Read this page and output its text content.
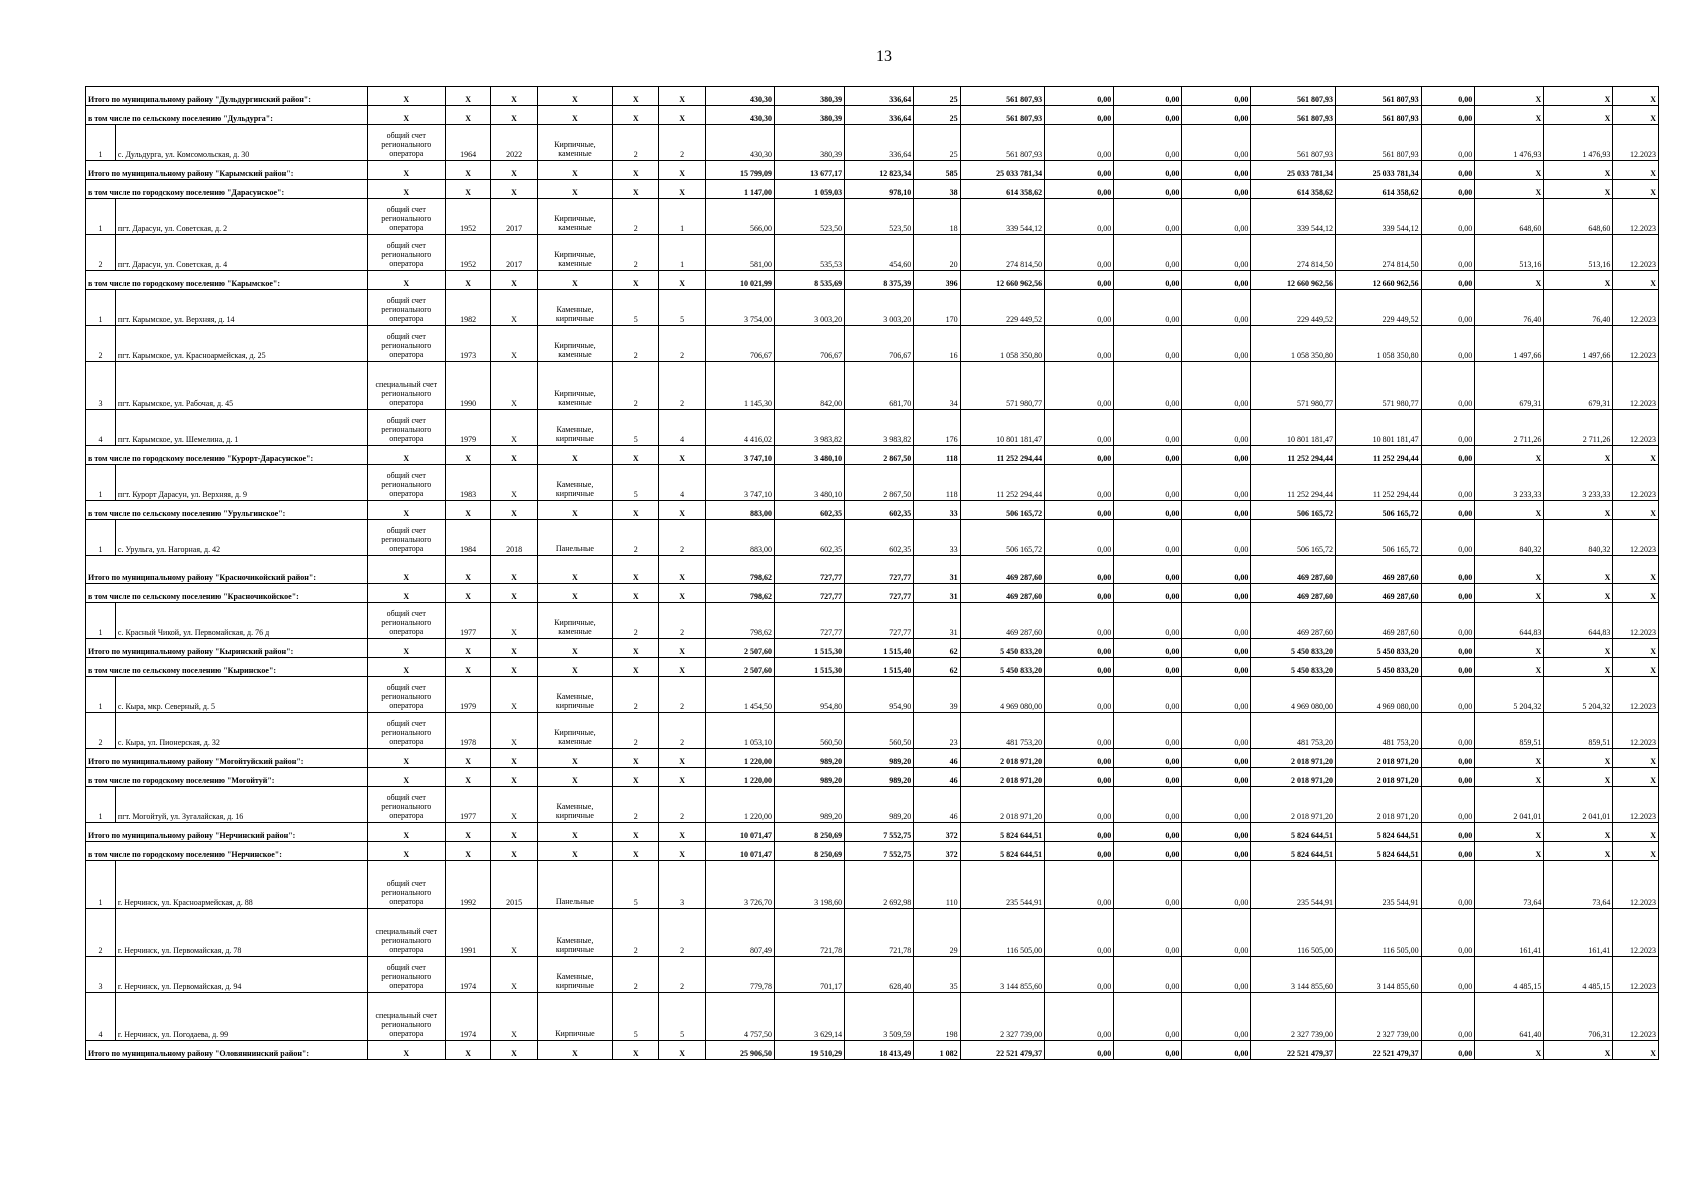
13
Итого по муниципальному району "Дульдургинский район":		X	X	X	X	X	X	430,30	380,39	336,64	25	561 807,93	0,00	0,00	0,00	561 807,93	561 807,93	0,00	X	X	X
в том числе по сельскому поселению "Дульдурга":		X	X	X	X	X	X	430,30	380,39	336,64	25	561 807,93	0,00	0,00	0,00	561 807,93	561 807,93	0,00	X	X	X
1	с. Дульдурга, ул. Комсомольская, д. 30	общий счет регионального оператора	1964	2022	Кирпичные, каменные	2	2	430,30	380,39	336,64	25	561 807,93	0,00	0,00	0,00	561 807,93	561 807,93	0,00	1 476,93	1 476,93	12.2023
Итого по муниципальному району "Карымский район":		X	X	X	X	X	X	15 799,09	13 677,17	12 823,34	585	25 033 781,34	0,00	0,00	0,00	25 033 781,34	25 033 781,34	0,00	X	X	X
в том числе по городскому поселению "Дарасунское":		X	X	X	X	X	X	1 147,00	1 059,03	978,10	38	614 358,62	0,00	0,00	0,00	614 358,62	614 358,62	0,00	X	X	X
1	пгт. Дарасун, ул. Советская, д. 2	общий счет регионального оператора	1952	2017	Кирпичные, каменные	2	1	566,00	523,50	523,50	18	339 544,12	0,00	0,00	0,00	339 544,12	339 544,12	0,00	648,60	648,60	12.2023
2	пгт. Дарасун, ул. Советская, д. 4	общий счет регионального оператора	1952	2017	Кирпичные, каменные	2	1	581,00	535,53	454,60	20	274 814,50	0,00	0,00	0,00	274 814,50	274 814,50	0,00	513,16	513,16	12.2023
в том числе по городскому поселению "Карымское":		X	X	X	X	X	X	10 021,99	8 535,69	8 375,39	396	12 660 962,56	0,00	0,00	0,00	12 660 962,56	12 660 962,56	0,00	X	X	X
1	пгт. Карымское, ул. Верхняя, д. 14	общий счет регионального оператора	1982	X	Каменные, кирпичные	5	5	3 754,00	3 003,20	3 003,20	170	229 449,52	0,00	0,00	0,00	229 449,52	229 449,52	0,00	76,40	76,40	12.2023
2	пгт. Карымское, ул. Красноармейская, д. 25	общий счет регионального оператора	1973	X	Кирпичные, каменные	2	2	706,67	706,67	706,67	16	1 058 350,80	0,00	0,00	0,00	1 058 350,80	1 058 350,80	0,00	1 497,66	1 497,66	12.2023
3	пгт. Карымское, ул. Рабочая, д. 45	специальный счет регионального оператора	1990	X	Кирпичные, каменные	2	2	1 145,30	842,00	681,70	34	571 980,77	0,00	0,00	0,00	571 980,77	571 980,77	0,00	679,31	679,31	12.2023
4	пгт. Карымское, ул. Шемелина, д. 1	общий счет регионального оператора	1979	X	Каменные, кирпичные	5	4	4 416,02	3 983,82	3 983,82	176	10 801 181,47	0,00	0,00	0,00	10 801 181,47	10 801 181,47	0,00	2 711,26	2 711,26	12.2023
в том числе по городскому поселению "Курорт-Дарасунское":		X	X	X	X	X	X	3 747,10	3 480,10	2 867,50	118	11 252 294,44	0,00	0,00	0,00	11 252 294,44	11 252 294,44	0,00	X	X	X
1	пгт. Курорт Дарасун, ул. Верхняя, д. 9	общий счет регионального оператора	1983	X	Каменные, кирпичные	5	4	3 747,10	3 480,10	2 867,50	118	11 252 294,44	0,00	0,00	0,00	11 252 294,44	11 252 294,44	0,00	3 233,33	3 233,33	12.2023
в том числе по сельскому поселению "Урульгинское":		X	X	X	X	X	X	883,00	602,35	602,35	33	506 165,72	0,00	0,00	0,00	506 165,72	506 165,72	0,00	X	X	X
1	с. Урульга, ул. Нагорная, д. 42	общий счет регионального оператора	1984	2018	Панельные	2	2	883,00	602,35	602,35	33	506 165,72	0,00	0,00	0,00	506 165,72	506 165,72	0,00	840,32	840,32	12.2023
Итого по муниципальному району "Красночикойский район":		X	X	X	X	X	X	798,62	727,77	727,77	31	469 287,60	0,00	0,00	0,00	469 287,60	469 287,60	0,00	X	X	X
в том числе по сельскому поселению "Красночикойское":		X	X	X	X	X	X	798,62	727,77	727,77	31	469 287,60	0,00	0,00	0,00	469 287,60	469 287,60	0,00	X	X	X
1	с. Красный Чикой, ул. Первомайская, д. 76 д	общий счет регионального оператора	1977	X	Кирпичные, каменные	2	2	798,62	727,77	727,77	31	469 287,60	0,00	0,00	0,00	469 287,60	469 287,60	0,00	644,83	644,83	12.2023
Итого по муниципальному району "Кыринский район":		X	X	X	X	X	X	2 507,60	1 515,30	1 515,40	62	5 450 833,20	0,00	0,00	0,00	5 450 833,20	5 450 833,20	0,00	X	X	X
в том числе по сельскому поселению "Кыринское":		X	X	X	X	X	X	2 507,60	1 515,30	1 515,40	62	5 450 833,20	0,00	0,00	0,00	5 450 833,20	5 450 833,20	0,00	X	X	X
1	с. Кыра, мкр. Северный, д. 5	общий счет регионального оператора	1979	X	Каменные, кирпичные	2	2	1 454,50	954,80	954,90	39	4 969 080,00	0,00	0,00	0,00	4 969 080,00	4 969 080,00	0,00	5 204,32	5 204,32	12.2023
2	с. Кыра, ул. Пионерская, д. 32	общий счет регионального оператора	1978	X	Кирпичные, каменные	2	2	1 053,10	560,50	560,50	23	481 753,20	0,00	0,00	0,00	481 753,20	481 753,20	0,00	859,51	859,51	12.2023
Итого по муниципальному району "Могойтуйский район":		X	X	X	X	X	X	1 220,00	989,20	989,20	46	2 018 971,20	0,00	0,00	0,00	2 018 971,20	2 018 971,20	0,00	X	X	X
в том числе по городскому поселению "Могойтуй":		X	X	X	X	X	X	1 220,00	989,20	989,20	46	2 018 971,20	0,00	0,00	0,00	2 018 971,20	2 018 971,20	0,00	X	X	X
1	пгт. Могойтуй, ул. Зугалайская, д. 16	общий счет регионального оператора	1977	X	Каменные, кирпичные	2	2	1 220,00	989,20	989,20	46	2 018 971,20	0,00	0,00	0,00	2 018 971,20	2 018 971,20	0,00	2 041,01	2 041,01	12.2023
Итого по муниципальному району "Нерчинский район":		X	X	X	X	X	X	10 071,47	8 250,69	7 552,75	372	5 824 644,51	0,00	0,00	0,00	5 824 644,51	5 824 644,51	0,00	X	X	X
в том числе по городскому поселению "Нерчинское":		X	X	X	X	X	X	10 071,47	8 250,69	7 552,75	372	5 824 644,51	0,00	0,00	0,00	5 824 644,51	5 824 644,51	0,00	X	X	X
1	г. Нерчинск, ул. Красноармейская, д. 88	общий счет регионального оператора	1992	2015	Панельные	5	3	3 726,70	3 198,60	2 692,98	110	235 544,91	0,00	0,00	0,00	235 544,91	235 544,91	0,00	73,64	73,64	12.2023
2	г. Нерчинск, ул. Первомайская, д. 78	специальный счет регионального оператора	1991	X	Каменные, кирпичные	2	2	807,49	721,78	721,78	29	116 505,00	0,00	0,00	0,00	116 505,00	116 505,00	0,00	161,41	161,41	12.2023
3	г. Нерчинск, ул. Первомайская, д. 94	общий счет регионального оператора	1974	X	Каменные, кирпичные	2	2	779,78	701,17	628,40	35	3 144 855,60	0,00	0,00	0,00	3 144 855,60	3 144 855,60	0,00	4 485,15	4 485,15	12.2023
4	г. Нерчинск, ул. Погодаева, д. 99	специальный счет регионального оператора	1974	X	Кирпичные	5	5	4 757,50	3 629,14	3 509,59	198	2 327 739,00	0,00	0,00	0,00	2 327 739,00	2 327 739,00	0,00	641,40	706,31	12.2023
Итого по муниципальному району "Оловяннинский район":		X	X	X	X	X	X	25 906,50	19 510,29	18 413,49	1 082	22 521 479,37	0,00	0,00	0,00	22 521 479,37	22 521 479,37	0,00	X	X	X
